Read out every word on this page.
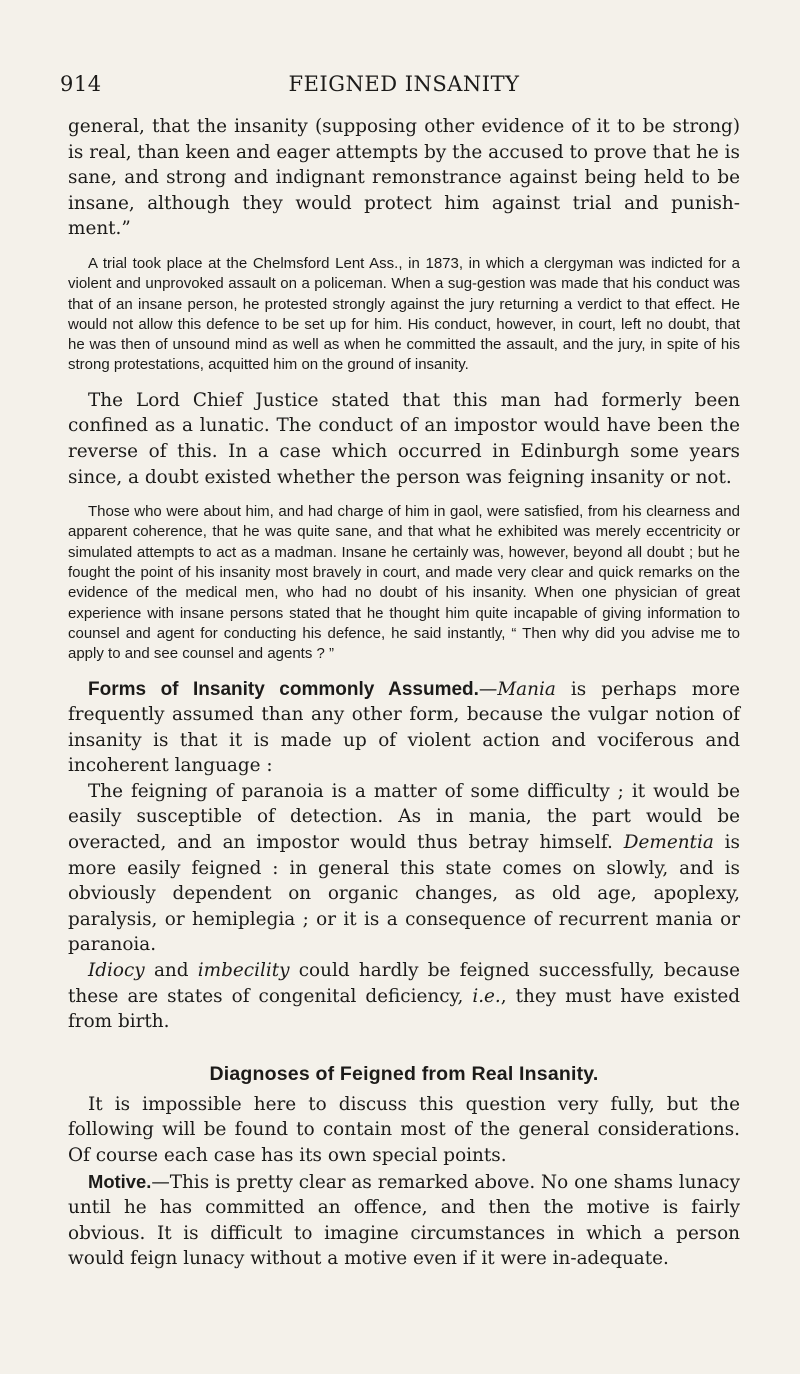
914	FEIGNED INSANITY

general, that the insanity (supposing other evidence of it to be strong) is real, than keen and eager attempts by the accused to prove that he is sane, and strong and indignant remonstrance against being held to be insane, although they would protect him against trial and punish-ment.”

A trial took place at the Chelmsford Lent Ass., in 1873, in which a clergyman was indicted for a violent and unprovoked assault on a policeman. When a sug-gestion was made that his conduct was that of an insane person, he protested strongly against the jury returning a verdict to that effect. He would not allow this defence to be set up for him. His conduct, however, in court, left no doubt, that he was then of unsound mind as well as when he committed the assault, and the jury, in spite of his strong protestations, acquitted him on the ground of insanity.

The Lord Chief Justice stated that this man had formerly been confined as a lunatic. The conduct of an impostor would have been the reverse of this. In a case which occurred in Edinburgh some years since, a doubt existed whether the person was feigning insanity or not.

Those who were about him, and had charge of him in gaol, were satisfied, from his clearness and apparent coherence, that he was quite sane, and that what he exhibited was merely eccentricity or simulated attempts to act as a madman. Insane he certainly was, however, beyond all doubt ; but he fought the point of his insanity most bravely in court, and made very clear and quick remarks on the evidence of the medical men, who had no doubt of his insanity. When one physician of great experience with insane persons stated that he thought him quite incapable of giving information to counsel and agent for conducting his defence, he said instantly, “ Then why did you advise me to apply to and see counsel and agents ? ”

Forms of Insanity commonly Assumed.—Mania is perhaps more frequently assumed than any other form, because the vulgar notion of insanity is that it is made up of violent action and vociferous and incoherent language :

The feigning of paranoia is a matter of some difficulty ; it would be easily susceptible of detection. As in mania, the part would be overacted, and an impostor would thus betray himself. Dementia is more easily feigned : in general this state comes on slowly, and is obviously dependent on organic changes, as old age, apoplexy, paralysis, or hemiplegia ; or it is a consequence of recurrent mania or paranoia.

Idiocy and imbecility could hardly be feigned successfully, because these are states of congenital deficiency, i.e., they must have existed from birth.

Diagnoses of Feigned from Real Insanity.

It is impossible here to discuss this question very fully, but the following will be found to contain most of the general considerations. Of course each case has its own special points.

Motive.—This is pretty clear as remarked above. No one shams lunacy until he has committed an offence, and then the motive is fairly obvious. It is difficult to imagine circumstances in which a person would feign lunacy without a motive even if it were in-adequate.
